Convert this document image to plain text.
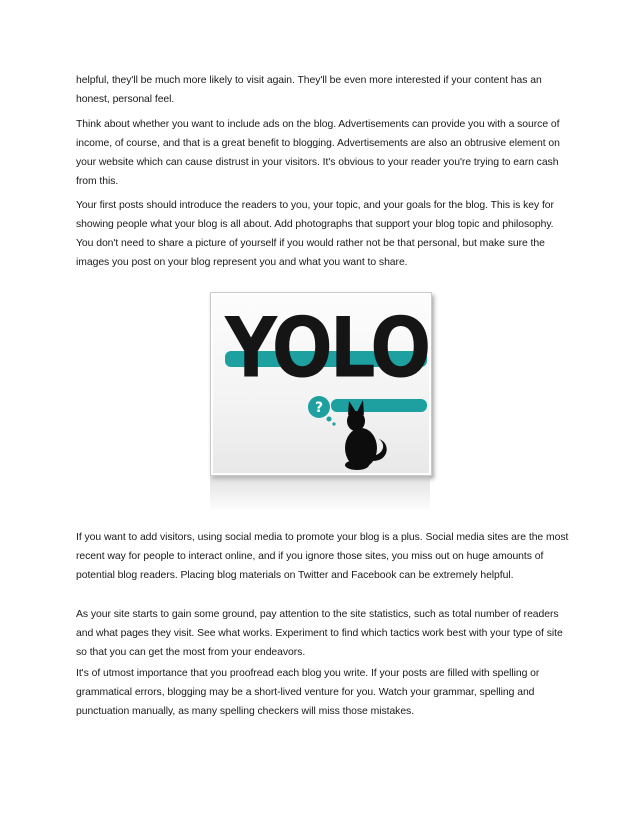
helpful, they'll be much more likely to visit again. They'll be even more interested if your content has an honest, personal feel.

Think about whether you want to include ads on the blog. Advertisements can provide you with a source of income, of course, and that is a great benefit to blogging. Advertisements are also an obtrusive element on your website which can cause distrust in your visitors. It's obvious to your reader you're trying to earn cash from this.

Your first posts should introduce the readers to you, your topic, and your goals for the blog. This is key for showing people what your blog is all about. Add photographs that support your blog topic and philosophy. You don't need to share a picture of yourself if you would rather not be that personal, but make sure the images you post on your blog represent you and what you want to share.

YOLO
?

If you want to add visitors, using social media to promote your blog is a plus. Social media sites are the most recent way for people to interact online, and if you ignore those sites, you miss out on huge amounts of potential blog readers. Placing blog materials on Twitter and Facebook can be extremely helpful.

As your site starts to gain some ground, pay attention to the site statistics, such as total number of readers and what pages they visit. See what works. Experiment to find which tactics work best with your type of site so that you can get the most from your endeavors.

It's of utmost importance that you proofread each blog you write. If your posts are filled with spelling or grammatical errors, blogging may be a short-lived venture for you. Watch your grammar, spelling and punctuation manually, as many spelling checkers will miss those mistakes.
